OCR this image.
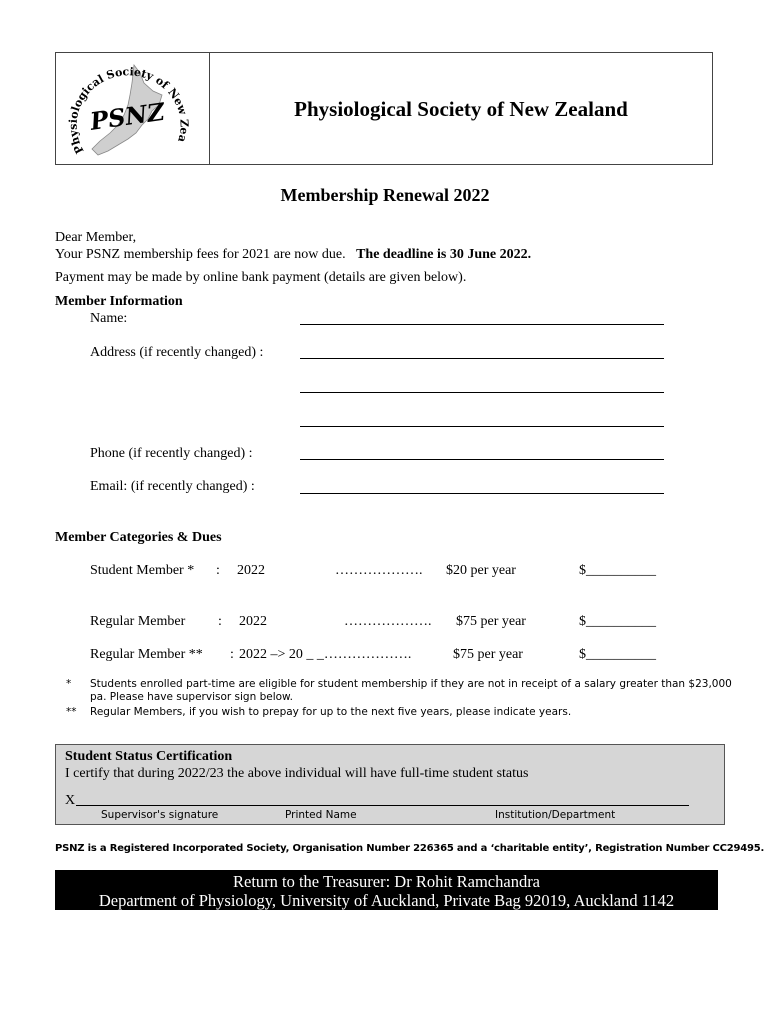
Physiological Society of New Zea
PSNZ	Physiological Society of New Zealand
Membership Renewal 2022
Dear Member,
Your PSNZ membership fees for 2021 are now due. The deadline is 30 June 2022.
Payment may be made by online bank payment (details are given below).
Member Information
Name:
Address (if recently changed) :
Phone (if recently changed) :
Email: (if recently changed) :
Member Categories & Dues
Student Member * : 2022	………………. $20 per year	$__________
Regular Member : 2022	………………. $75 per year	$__________
Regular Member ** : 2022 –> 20 _ _……………….	$75 per year	$__________
* Students enrolled part-time are eligible for student membership if they are not in receipt of a salary greater than $23,000
pa. Please have supervisor sign below.
** Regular Members, if you wish to prepay for up to the next five years, please indicate years.
Student Status Certification
I certify that during 2022/23 the above individual will have full-time student status
X
Supervisor's signature	Printed Name	Institution/Department
PSNZ is a Registered Incorporated Society, Organisation Number 226365 and a ‘charitable entity’, Registration Number CC29495.
Return to the Treasurer: Dr Rohit Ramchandra
Department of Physiology, University of Auckland, Private Bag 92019, Auckland 1142
